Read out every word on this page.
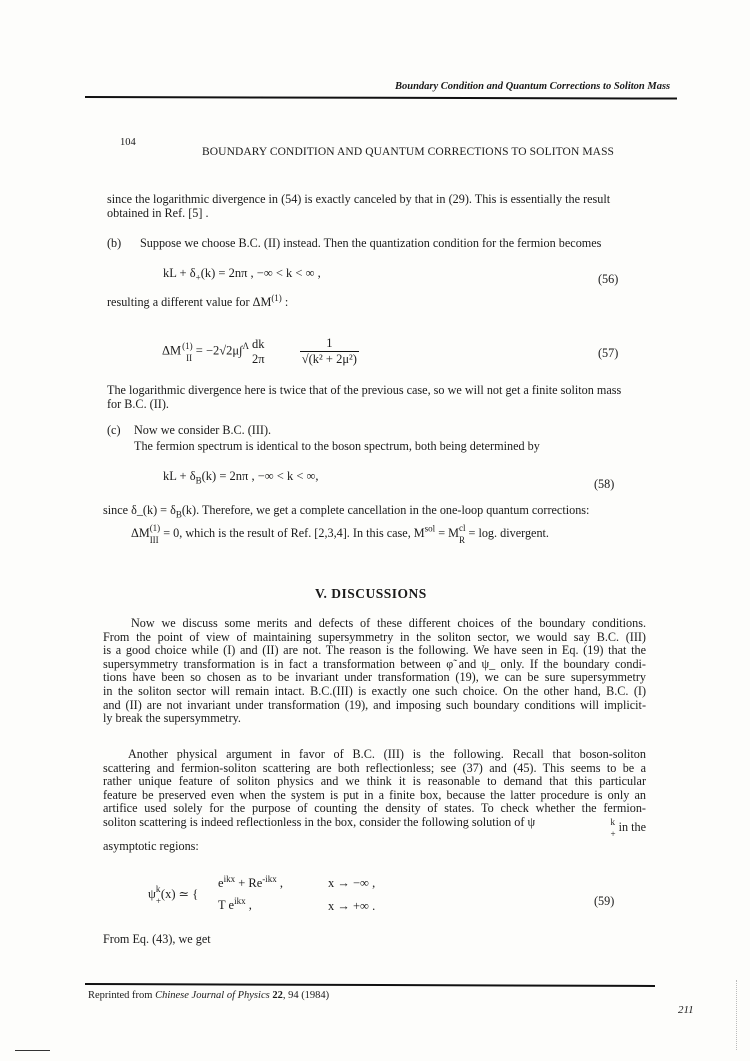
Boundary Condition and Quantum Corrections to Soliton Mass
104
BOUNDARY CONDITION AND QUANTUM CORRECTIONS TO SOLITON MASS
since the logarithmic divergence in (54) is exactly canceled by that in (29). This is essentially the result
obtained in Ref. [5] .
(b) Suppose we choose B.C. (II) instead. Then the quantization condition for the fermion becomes
kL + $\delta_+(k) = 2n\pi$ , −∞ < k < ∞ ,	(56)
resulting a different value for ΔM$^{(1)}$ :
ΔM (1)
II
= −2√2μ∫$^\Lambda$ dk
2π
	$\frac{1}{\text{√(k² + 2μ²)}}$	(57)
The logarithmic divergence here is twice that of the previous case, so we will not get a finite soliton mass
for B.C. (II).
(c) Now we consider B.C. (III).
The fermion spectrum is identical to the boson spectrum, both being determined by
kL + $\delta_B(k) = 2n\pi$ , −∞ < k < ∞,
(58)
since δ_(k) = $\delta_B(k)$. Therefore, we get a complete cancellation in the one-loop quantum corrections:
ΔM (1)
III
= 0, which is the result of Ref. [2,3,4]. In this case, $M^{sol} = M$ cl
R
= log. divergent.
V. DISCUSSIONS
Now we discuss some merits and defects of these different choices of the boundary conditions.
From the point of view of maintaining supersymmetry in the soliton sector, we would say B.C. (III)
is a good choice while (I) and (II) are not. The reason is the following. We have seen in Eq. (19) that the
supersymmetry transformation is in fact a transformation between φ̃ and ψ_ only. If the boundary condi-
tions have been so chosen as to be invariant under transformation (19), we can be sure supersymmetry
in the soliton sector will remain intact. B.C.(III) is exactly one such choice. On the other hand, B.C. (I)
and (II) are not invariant under transformation (19), and imposing such boundary conditions will implicit-
ly break the supersymmetry.
Another physical argument in favor of B.C. (III) is the following. Recall that boson-soliton
scattering and fermion-soliton scattering are both reflectionless; see (37) and (45). This seems to be a
rather unique feature of soliton physics and we think it is reasonable to demand that this particular
feature be preserved even when the system is put in a finite box, because the latter procedure is only an
artifice used solely for the purpose of counting the density of states. To check whether the fermion-
soliton scattering is indeed reflectionless in the box, consider the following solution of ψ	k
+
in the
asymptotic regions:
ψ k
+
(x) ≃ {
$e^{ikx} + Re^{-ikx}$ ,	x → −∞ ,
T $e^{ikx}$ ,	x → +∞ .	(59)
From Eq. (43), we get
Reprinted from Chinese Journal of Physics 22, 94 (1984)
211
